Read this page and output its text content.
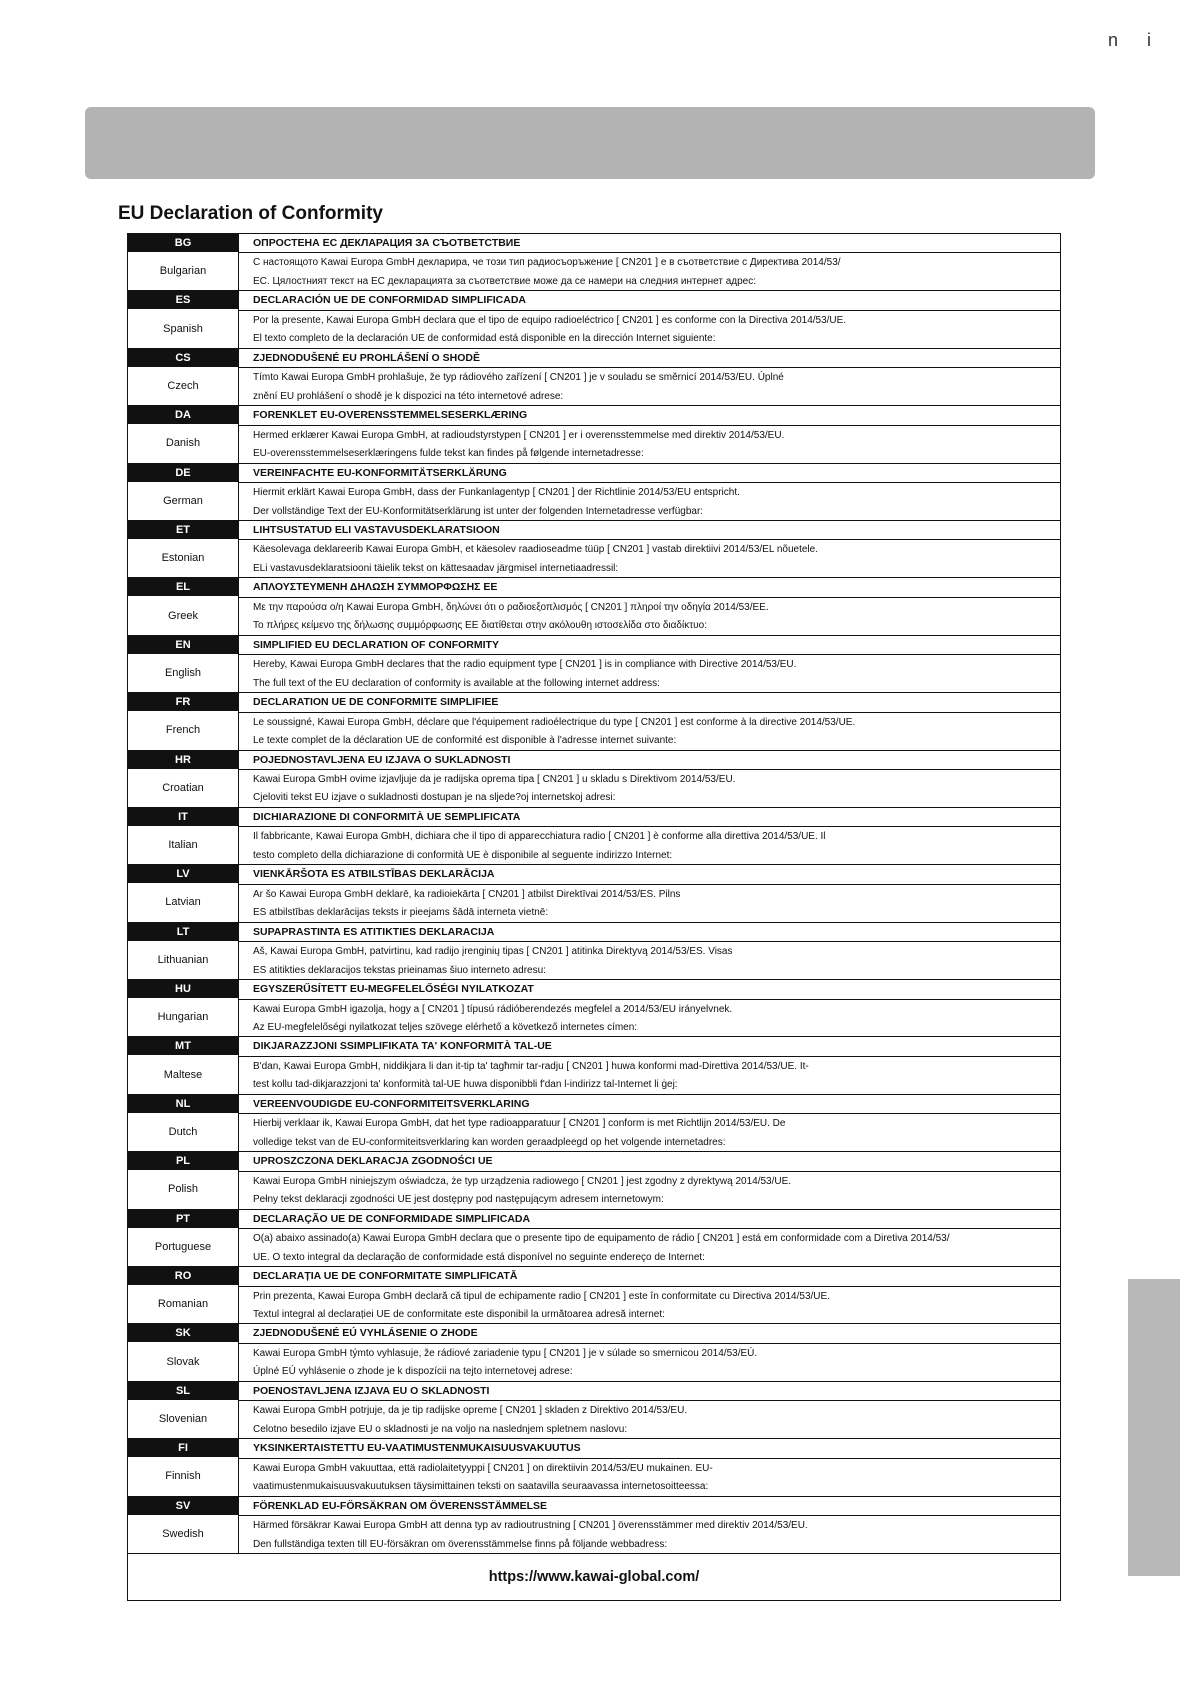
n i
EU Declaration of Conformity
BG
Bulgarian
ОПРОСТЕНА ЕС ДЕКЛАРАЦИЯ ЗА СЪОТВЕТСТВИЕ
С настоящото Kawai Europa GmbH декларира, че този тип радиосъоръжение [ CN201 ] е в съответствие с Директива 2014/53/
ЕС. Цялостният текст на ЕС декларацията за съответствие може да се намери на следния интернет адрес:
ES
Spanish
DECLARACIÓN UE DE CONFORMIDAD SIMPLIFICADA
Por la presente, Kawai Europa GmbH declara que el tipo de equipo radioeléctrico [ CN201 ] es conforme con la Directiva 2014/53/UE.
El texto completo de la declaración UE de conformidad está disponible en la dirección Internet siguiente:
CS
Czech
ZJEDNODUŠENÉ EU PROHLÁŠENÍ O SHODĚ
Tímto Kawai Europa GmbH prohlašuje, že typ rádiového zařízení [ CN201 ] je v souladu se směrnicí 2014/53/EU. Úplné
znění EU prohlášení o shodě je k dispozici na této internetové adrese:
DA
Danish
FORENKLET EU-OVERENSSTEMMELSESERKLÆRING
Hermed erklærer Kawai Europa GmbH, at radioudstyrstypen [ CN201 ] er i overensstemmelse med direktiv 2014/53/EU.
EU-overensstemmelseserklæringens fulde tekst kan findes på følgende internetadresse:
DE
German
VEREINFACHTE EU-KONFORMITÄTSERKLÄRUNG
Hiermit erklärt Kawai Europa GmbH, dass der Funkanlagentyp [ CN201 ] der Richtlinie 2014/53/EU entspricht.
Der vollständige Text der EU-Konformitätserklärung ist unter der folgenden Internetadresse verfügbar:
ET
Estonian
LIHTSUSTATUD ELI VASTAVUSDEKLARATSIOON
Käesolevaga deklareerib Kawai Europa GmbH, et käesolev raadioseadme tüüp [ CN201 ] vastab direktiivi 2014/53/EL nõuetele.
ELi vastavusdeklaratsiooni täielik tekst on kättesaadav järgmisel internetiaadressil:
EL
Greek
ΑΠΛΟΥΣΤΕΥΜΕΝΗ ΔΗΛΩΣΗ ΣΥΜΜΟΡΦΩΣΗΣ ΕΕ
Με την παρούσα ο/η Kawai Europa GmbH, δηλώνει ότι ο ραδιοεξοπλισμός [ CN201 ] πληροί την οδηγία 2014/53/ΕΕ.
Το πλήρες κείμενο της δήλωσης συμμόρφωσης ΕΕ διατίθεται στην ακόλουθη ιστοσελίδα στο διαδίκτυο:
EN
English
SIMPLIFIED EU DECLARATION OF CONFORMITY
Hereby, Kawai Europa GmbH declares that the radio equipment type [ CN201 ] is in compliance with Directive 2014/53/EU.
The full text of the EU declaration of conformity is available at the following internet address:
FR
French
DECLARATION UE DE CONFORMITE SIMPLIFIEE
Le soussigné, Kawai Europa GmbH, déclare que l'équipement radioélectrique du type [ CN201 ] est conforme à la directive 2014/53/UE.
Le texte complet de la déclaration UE de conformité est disponible à l'adresse internet suivante:
HR
Croatian
POJEDNOSTAVLJENA EU IZJAVA O SUKLADNOSTI
Kawai Europa GmbH ovime izjavljuje da je radijska oprema tipa [ CN201 ] u skladu s Direktivom 2014/53/EU.
Cjeloviti tekst EU izjave o sukladnosti dostupan je na sljede?oj internetskoj adresi:
IT
Italian
DICHIARAZIONE DI CONFORMITÀ UE SEMPLIFICATA
Il fabbricante, Kawai Europa GmbH, dichiara che il tipo di apparecchiatura radio [ CN201 ] è conforme alla direttiva 2014/53/UE. Il
testo completo della dichiarazione di conformità UE è disponibile al seguente indirizzo Internet:
LV
Latvian
VIENKĀRŠOTA ES ATBILSTĪBAS DEKLARĀCIJA
Ar šo Kawai Europa GmbH deklarē, ka radioiekārta [ CN201 ] atbilst Direktīvai 2014/53/ES. Pilns
ES atbilstības deklarācijas teksts ir pieejams šādā interneta vietnē:
LT
Lithuanian
SUPAPRASTINTA ES ATITIKTIES DEKLARACIJA
Aš, Kawai Europa GmbH, patvirtinu, kad radijo įrenginių tipas [ CN201 ] atitinka Direktyvą 2014/53/ES. Visas
ES atitikties deklaracijos tekstas prieinamas šiuo interneto adresu:
HU
Hungarian
EGYSZERŰSÍTETT EU-MEGFELELŐSÉGI NYILATKOZAT
Kawai Europa GmbH igazolja, hogy a [ CN201 ] típusú rádióberendezés megfelel a 2014/53/EU irányelvnek.
Az EU-megfelelőségi nyilatkozat teljes szövege elérhető a következő internetes címen:
MT
Maltese
DIKJARAZZJONI SSIMPLIFIKATA TA' KONFORMITÀ TAL-UE
B'dan, Kawai Europa GmbH, niddikjara li dan it-tip ta' tagħmir tar-radju [ CN201 ] huwa konformi mad-Direttiva 2014/53/UE. It-
test kollu tad-dikjarazzjoni ta' konformità tal-UE huwa disponibbli f'dan l-indirizz tal-Internet li ġej:
NL
Dutch
VEREENVOUDIGDE EU-CONFORMITEITSVERKLARING
Hierbij verklaar ik, Kawai Europa GmbH, dat het type radioapparatuur [ CN201 ] conform is met Richtlijn 2014/53/EU. De
volledige tekst van de EU-conformiteitsverklaring kan worden geraadpleegd op het volgende internetadres:
PL
Polish
UPROSZCZONA DEKLARACJA ZGODNOŚCI UE
Kawai Europa GmbH niniejszym oświadcza, że typ urządzenia radiowego [ CN201 ] jest zgodny z dyrektywą 2014/53/UE.
Pełny tekst deklaracji zgodności UE jest dostępny pod następującym adresem internetowym:
PT
Portuguese
DECLARAÇÃO UE DE CONFORMIDADE SIMPLIFICADA
O(a) abaixo assinado(a) Kawai Europa GmbH declara que o presente tipo de equipamento de rádio [ CN201 ] está em conformidade com a Diretiva 2014/53/
UE. O texto integral da declaração de conformidade está disponível no seguinte endereço de Internet:
RO
Romanian
DECLARAȚIA UE DE CONFORMITATE SIMPLIFICATĂ
Prin prezenta, Kawai Europa GmbH declară că tipul de echipamente radio [ CN201 ] este în conformitate cu Directiva 2014/53/UE.
Textul integral al declarației UE de conformitate este disponibil la următoarea adresă internet:
SK
Slovak
ZJEDNODUŠENÉ EÚ VYHLÁSENIE O ZHODE
Kawai Europa GmbH týmto vyhlasuje, že rádiové zariadenie typu [ CN201 ] je v súlade so smernicou 2014/53/EÚ.
Úplné EÚ vyhlásenie o zhode je k dispozícii na tejto internetovej adrese:
SL
Slovenian
POENOSTAVLJENA IZJAVA EU O SKLADNOSTI
Kawai Europa GmbH potrjuje, da je tip radijske opreme [ CN201 ] skladen z Direktivo 2014/53/EU.
Celotno besedilo izjave EU o skladnosti je na voljo na naslednjem spletnem naslovu:
FI
Finnish
YKSINKERTAISTETTU EU-VAATIMUSTENMUKAISUUSVAKUUTUS
Kawai Europa GmbH vakuuttaa, että radiolaitetyyppi [ CN201 ] on direktiivin 2014/53/EU mukainen. EU-
vaatimustenmukaisuusvakuutuksen täysimittainen teksti on saatavilla seuraavassa internetosoitteessa:
SV
Swedish
FÖRENKLAD EU-FÖRSÄKRAN OM ÖVERENSSTÄMMELSE
Härmed försäkrar Kawai Europa GmbH att denna typ av radioutrustning [ CN201 ] överensstämmer med direktiv 2014/53/EU.
Den fullständiga texten till EU-försäkran om överensstämmelse finns på följande webbadress:
https://www.kawai-global.com/
